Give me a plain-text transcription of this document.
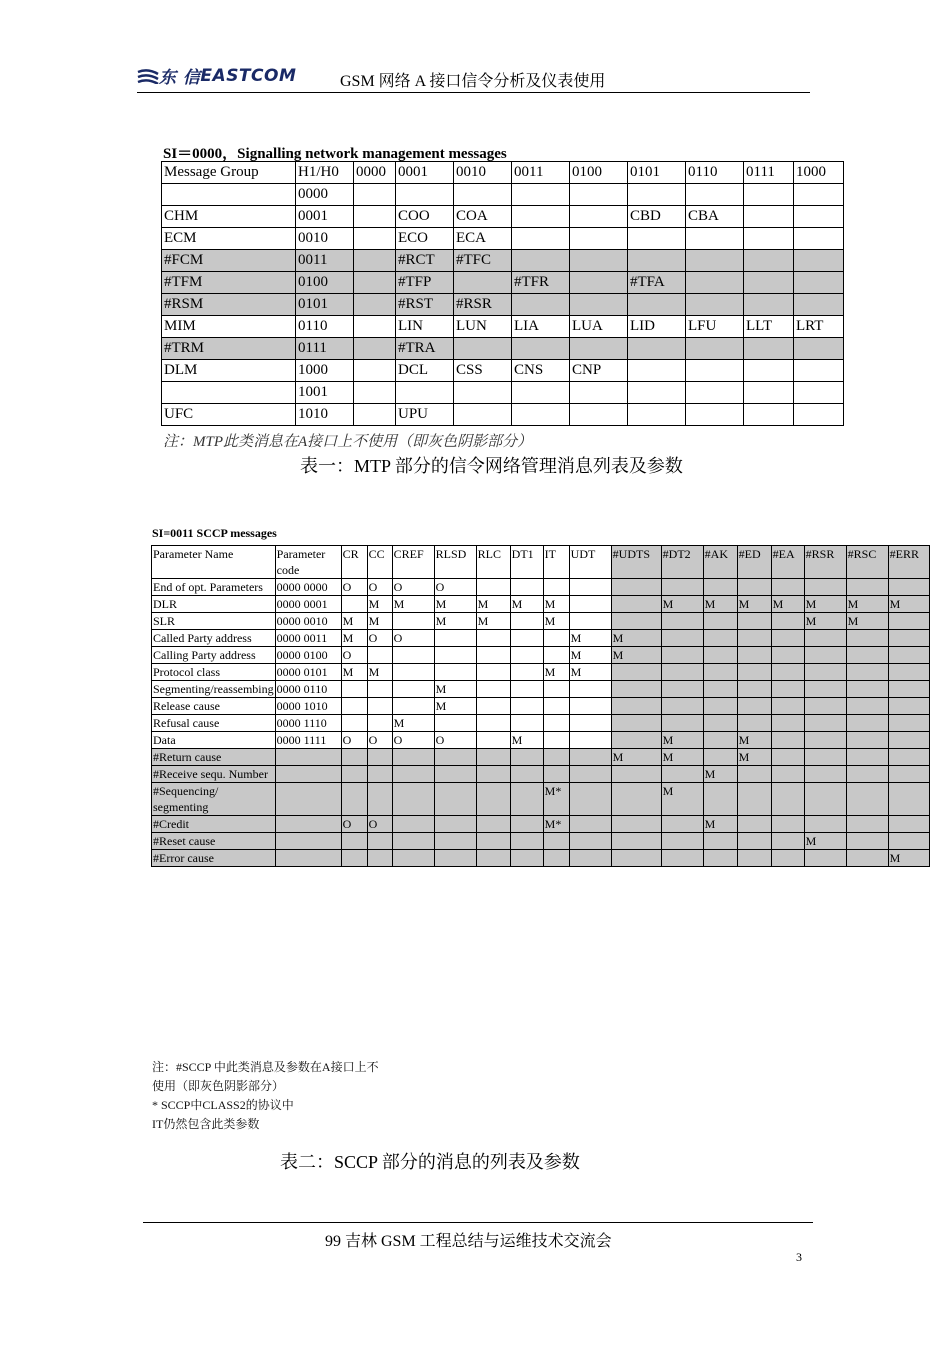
东 信 EASTCOM	GSM 网络 A 接口信令分析及仪表使用
SI＝0000，Signalling network management messages
Message Group	H1/H0	0000	0001	0010	0011	0100	0101	0110	0111	1000
	0000									
CHM	0001		COO	COA			CBD	CBA		
ECM	0010		ECO	ECA						
#FCM	0011		#RCT	#TFC						
#TFM	0100		#TFP		#TFR		#TFA			
#RSM	0101		#RST	#RSR						
MIM	0110		LIN	LUN	LIA	LUA	LID	LFU	LLT	LRT
#TRM	0111		#TRA							
DLM	1000		DCL	CSS	CNS	CNP				
	1001									
UFC	1010		UPU							
注：MTP此类消息在A接口上不使用（即灰色阴影部分）
表一：MTP 部分的信令网络管理消息列表及参数
SI=0011 SCCP messages
Parameter Name	Parameter code	CR	CC	CREF	RLSD	RLC	DT1	IT	UDT	#UDTS	#DT2	#AK	#ED	#EA	#RSR	#RSC	#ERR
End of opt. Parameters	0000 0000	O	O	O	O												
DLR	0000 0001		M	M	M	M	M	M			M	M	M	M	M	M	M
SLR	0000 0010	M	M		M	M		M							M	M	
Called Party address	0000 0011	M	O	O					M	M							
Calling Party address	0000 0100	O							M	M							
Protocol class	0000 0101	M	M					M	M								
Segmenting/reassembing	0000 0110				M												
Release cause	0000 1010				M												
Refusal cause	0000 1110			M													
Data	0000 1111	O	O	O	O		M				M		M				
#Return cause										M	M		M				
#Receive sequ. Number												M					
#Sequencing/ segmenting								M*			M						
#Credit		O	O					M*				M					
#Reset cause															M		
#Error cause																	M
注：#SCCP 中此类消息及参数在A接口上不
使用（即灰色阴影部分）
* SCCP中CLASS2的协议中
IT仍然包含此类参数
表二：SCCP 部分的消息的列表及参数
99 吉林 GSM 工程总结与运维技术交流会
3
